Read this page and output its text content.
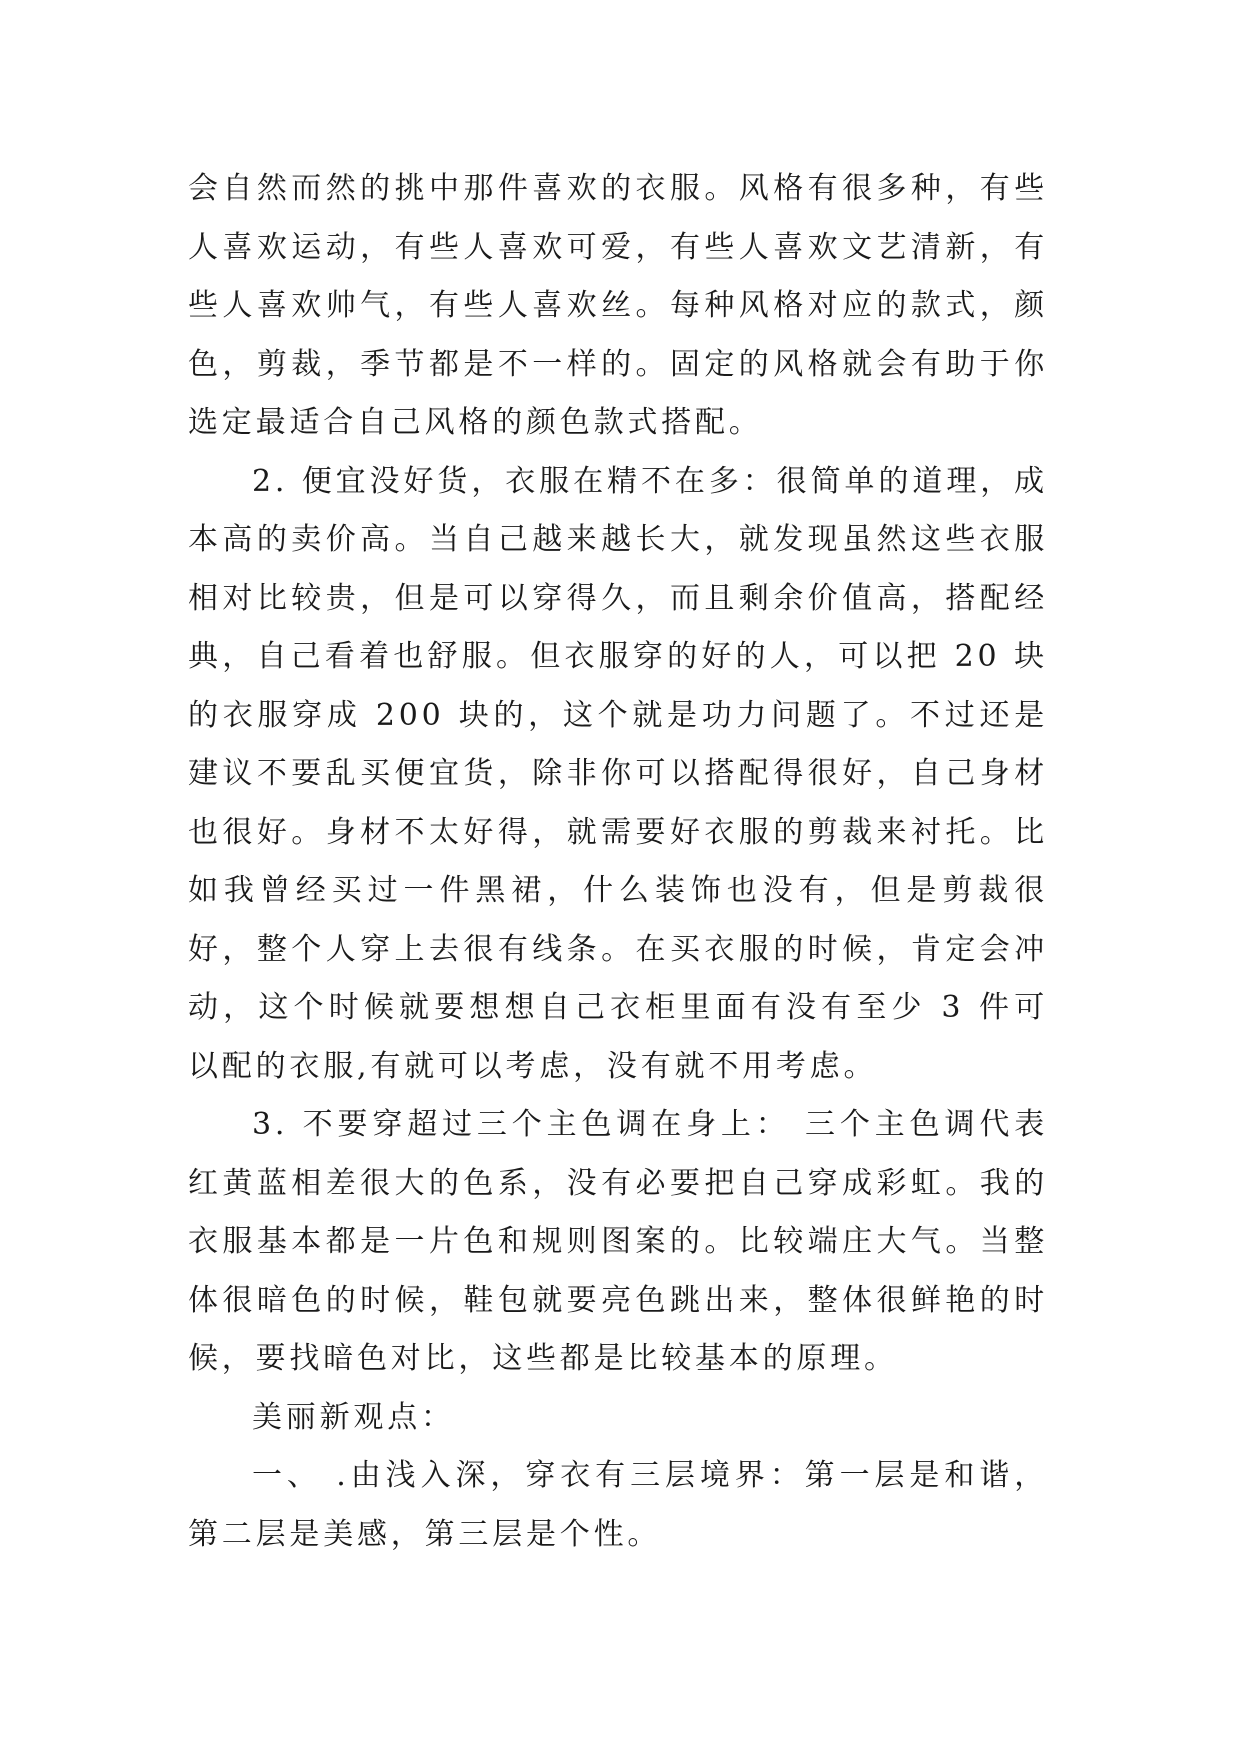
会自然而然的挑中那件喜欢的衣服。风格有很多种，有些人喜欢运动，有些人喜欢可爱，有些人喜欢文艺清新，有些人喜欢帅气，有些人喜欢丝。每种风格对应的款式，颜色，剪裁，季节都是不一样的。固定的风格就会有助于你选定最适合自己风格的颜色款式搭配。

2. 便宜没好货，衣服在精不在多：很简单的道理，成本高的卖价高。当自己越来越长大，就发现虽然这些衣服相对比较贵，但是可以穿得久，而且剩余价值高，搭配经典，自己看着也舒服。但衣服穿的好的人，可以把 20 块的衣服穿成 200 块的，这个就是功力问题了。不过还是建议不要乱买便宜货，除非你可以搭配得很好，自己身材也很好。身材不太好得，就需要好衣服的剪裁来衬托。比如我曾经买过一件黑裙，什么装饰也没有，但是剪裁很好，整个人穿上去很有线条。在买衣服的时候，肯定会冲动，这个时候就要想想自己衣柜里面有没有至少 3 件可以配的衣服,有就可以考虑，没有就不用考虑。

3. 不要穿超过三个主色调在身上： 三个主色调代表红黄蓝相差很大的色系，没有必要把自己穿成彩虹。我的衣服基本都是一片色和规则图案的。比较端庄大气。当整体很暗色的时候，鞋包就要亮色跳出来，整体很鲜艳的时候，要找暗色对比，这些都是比较基本的原理。

美丽新观点：

一、 .由浅入深，穿衣有三层境界：第一层是和谐，第二层是美感，第三层是个性。
